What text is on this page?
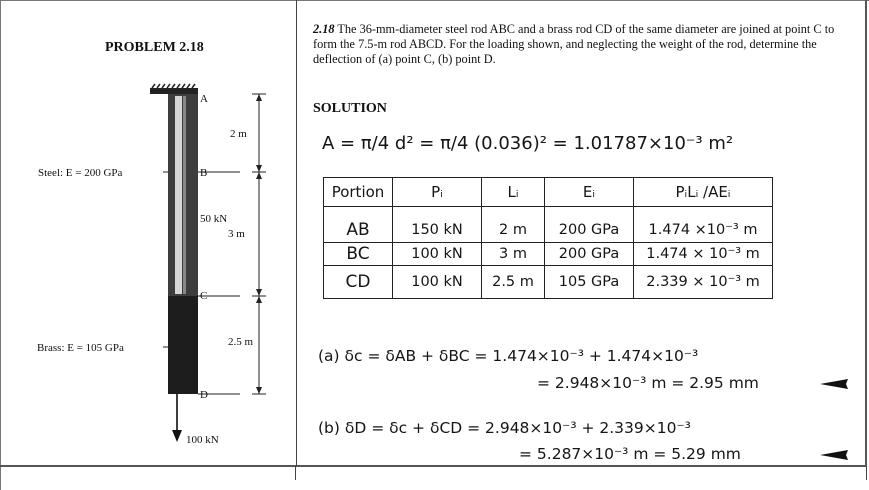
PROBLEM 2.18
A
B
C
D
2 m
3 m
2.5 m
50 kN
100 kN
Steel: E = 200 GPa
Brass: E = 105 GPa
2.18 The 36-mm-diameter steel rod ABC and a brass rod CD of the same diameter are joined at point C to form the 7.5-m rod ABCD. For the loading shown, and neglecting the weight of the rod, determine the deflection of (a) point C, (b) point D.
SOLUTION
A = π/4 d² = π/4 (0.036)² = 1.01787×10⁻³ m²
Portion	Pᵢ	Lᵢ	Eᵢ	PᵢLᵢ /AEᵢ
AB	150 kN	2 m	200 GPa	1.474 ×10⁻³ m
BC	100 kN	3 m	200 GPa	1.474 × 10⁻³ m
CD	100 kN	2.5 m	105 GPa	2.339 × 10⁻³ m
(a) δc = δAB + δBC = 1.474×10⁻³ + 1.474×10⁻³
= 2.948×10⁻³ m = 2.95 mm
(b) δD = δc + δCD = 2.948×10⁻³ + 2.339×10⁻³
= 5.287×10⁻³ m = 5.29 mm
